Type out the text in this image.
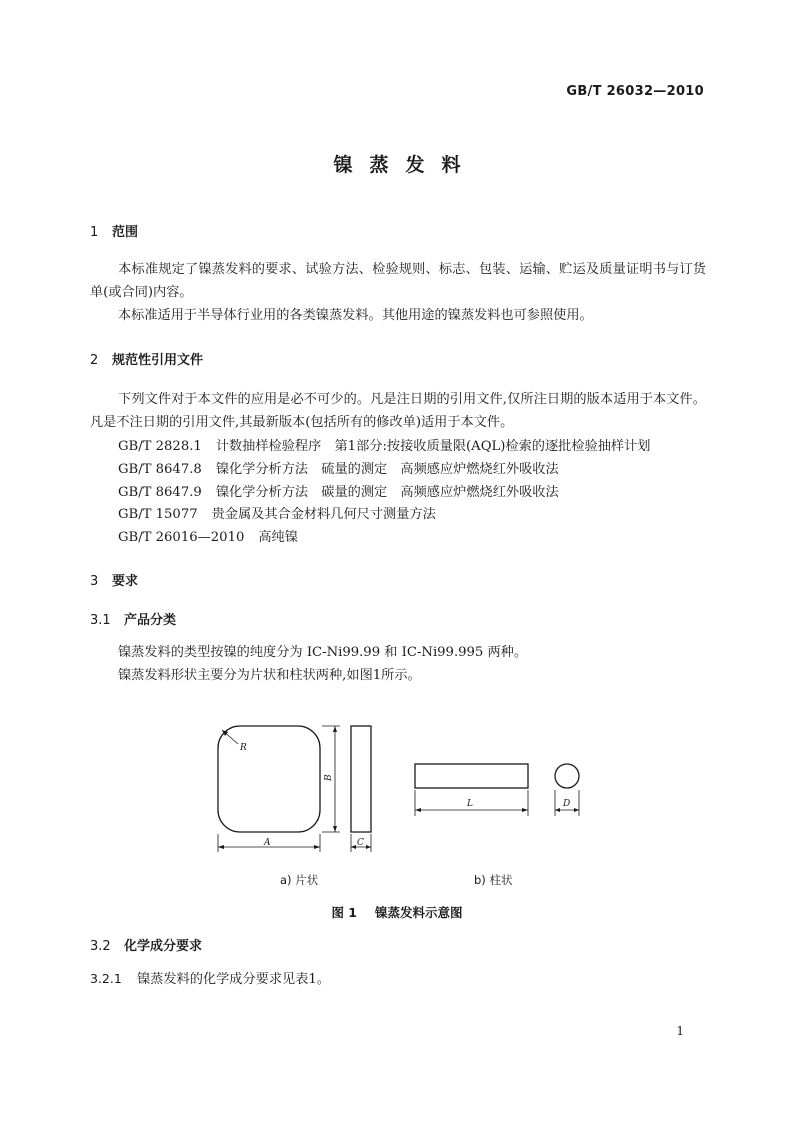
GB/T 26032—2010
镍蒸发料
1 范围
本标准规定了镍蒸发料的要求、试验方法、检验规则、标志、包装、运输、贮运及质量证明书与订货单(或合同)内容。
本标准适用于半导体行业用的各类镍蒸发料。其他用途的镍蒸发料也可参照使用。
2 规范性引用文件
下列文件对于本文件的应用是必不可少的。凡是注日期的引用文件,仅所注日期的版本适用于本文件。凡是不注日期的引用文件,其最新版本(包括所有的修改单)适用于本文件。
GB/T 2828.1 计数抽样检验程序　第1部分:按接收质量限(AQL)检索的逐批检验抽样计划
GB/T 8647.8 镍化学分析方法　硫量的测定　高频感应炉燃烧红外吸收法
GB/T 8647.9 镍化学分析方法　碳量的测定　高频感应炉燃烧红外吸收法
GB/T 15077 贵金属及其合金材料几何尺寸测量方法
GB/T 26016—2010 高纯镍
3 要求
3.1 产品分类
镍蒸发料的类型按镍的纯度分为 IC-Ni99.99 和 IC-Ni99.995 两种。
镍蒸发料形状主要分为片状和柱状两种,如图1所示。
R
A
B
C
L	D
a) 片状	b) 柱状
图 1 镍蒸发料示意图
3.2 化学成分要求
3.2.1 镍蒸发料的化学成分要求见表1。
1
